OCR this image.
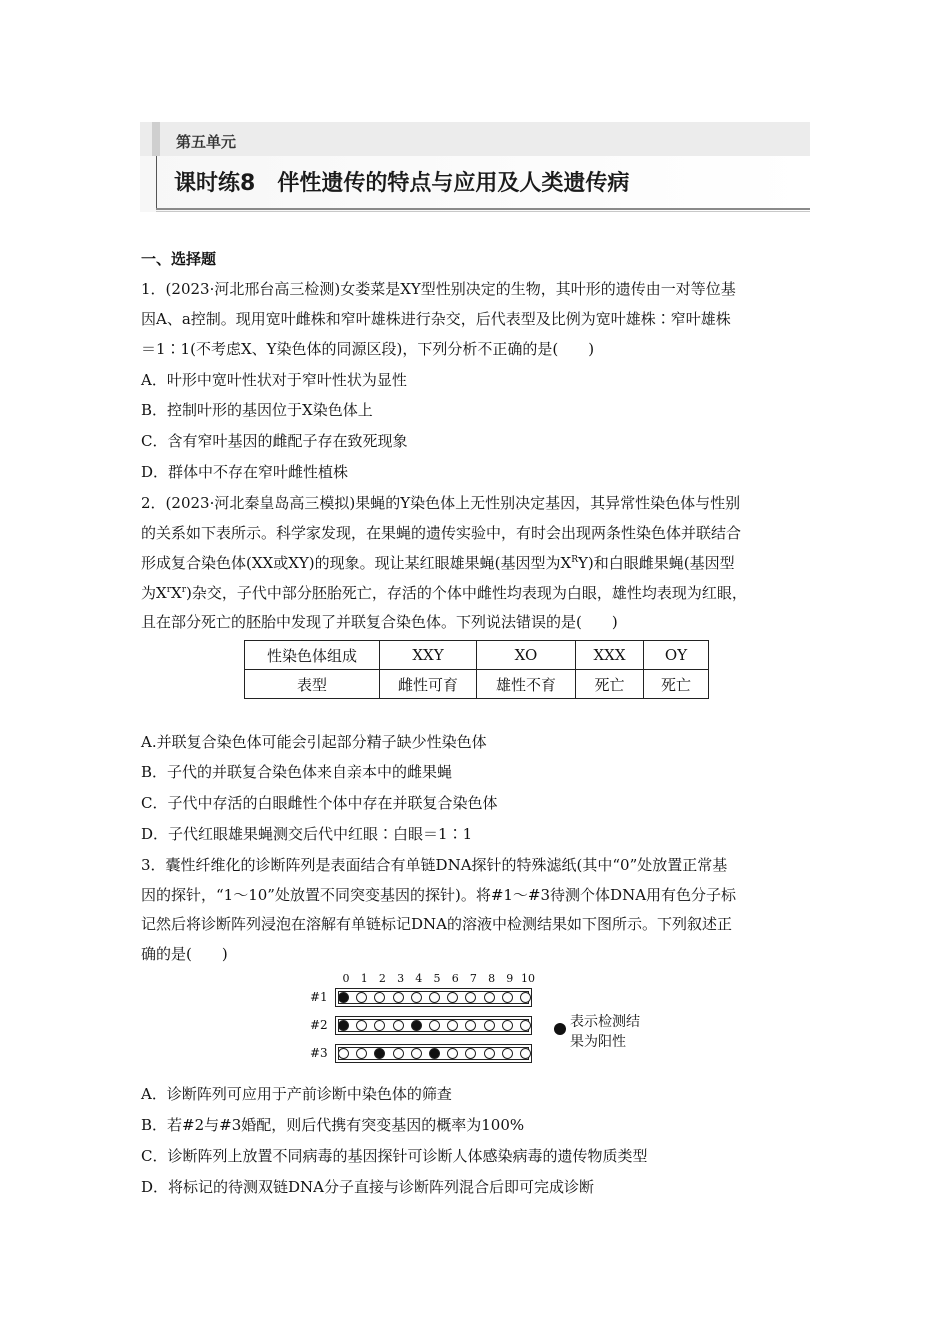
第五单元
课时练8 伴性遗传的特点与应用及人类遗传病
一、选择题
1．(2023·河北邢台高三检测)女娄菜是XY型性别决定的生物，其叶形的遗传由一对等位基
因A、a控制。现用宽叶雌株和窄叶雄株进行杂交，后代表型及比例为宽叶雄株∶窄叶雄株
＝1∶1(不考虑X、Y染色体的同源区段)，下列分析不正确的是(　　)
A．叶形中宽叶性状对于窄叶性状为显性
B．控制叶形的基因位于X染色体上
C．含有窄叶基因的雌配子存在致死现象
D．群体中不存在窄叶雌性植株
2．(2023·河北秦皇岛高三模拟)果蝇的Y染色体上无性别决定基因，其异常性染色体与性别
的关系如下表所示。科学家发现，在果蝇的遗传实验中，有时会出现两条性染色体并联结合
形成复合染色体(XX或XY)的现象。现让某红眼雄果蝇(基因型为$X^RY$)和白眼雌果蝇(基因型
为$X^rX^r$)杂交，子代中部分胚胎死亡，存活的个体中雌性均表现为白眼，雄性均表现为红眼，
且在部分死亡的胚胎中发现了并联复合染色体。下列说法错误的是(　　)
性染色体组成	XXY	XO	XXX	OY
表型	雌性可育	雄性不育	死亡	死亡
A.并联复合染色体可能会引起部分精子缺少性染色体
B．子代的并联复合染色体来自亲本中的雌果蝇
C．子代中存活的白眼雌性个体中存在并联复合染色体
D．子代红眼雄果蝇测交后代中红眼∶白眼＝1∶1
3．囊性纤维化的诊断阵列是表面结合有单链DNA探针的特殊滤纸(其中“0”处放置正常基
因的探针，“1～10”处放置不同突变基因的探针)。将#1～#3待测个体DNA用有色分子标
记然后将诊断阵列浸泡在溶解有单链标记DNA的溶液中检测结果如下图所示。下列叙述正
确的是(　　)
0	1	2	3	4	5	6	7	8	9 10
#1
#2
#3
表示检测结果为阳性
A．诊断阵列可应用于产前诊断中染色体的筛查
B．若#2与#3婚配，则后代携有突变基因的概率为100%
C．诊断阵列上放置不同病毒的基因探针可诊断人体感染病毒的遗传物质类型
D．将标记的待测双链DNA分子直接与诊断阵列混合后即可完成诊断
